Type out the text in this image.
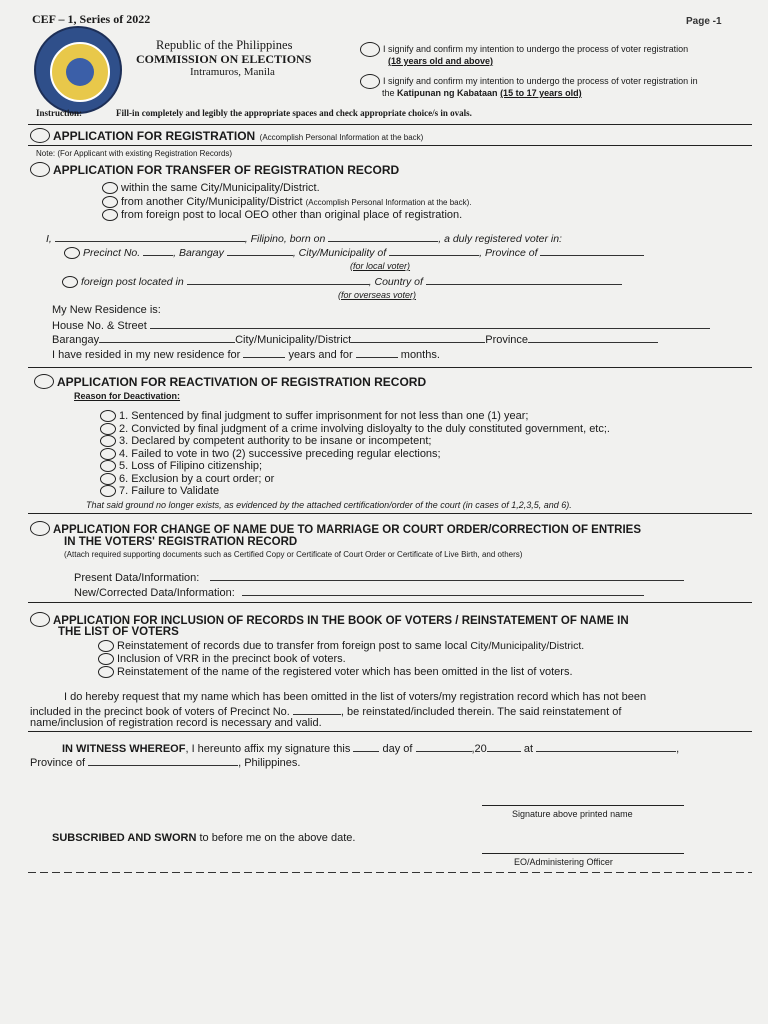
CEF – 1, Series of 2022	Page -1
Republic of the Philippines
COMMISSION ON ELECTIONS
Intramuros, Manila
I signify and confirm my intention to undergo the process of voter registration
(18 years old and above)
I signify and confirm my intention to undergo the process of voter registration in
the Katipunan ng Kabataan (15 to 17 years old)
Instruction:	Fill-in completely and legibly the appropriate spaces and check appropriate choice/s in ovals.
APPLICATION FOR REGISTRATION (Accomplish Personal Information at the back)
Note: (For Applicant with existing Registration Records)
APPLICATION FOR TRANSFER OF REGISTRATION RECORD
within the same City/Municipality/District.
from another City/Municipality/District (Accomplish Personal Information at the back).
from foreign post to local OEO other than original place of registration.
I,	, Filipino, born on	, a duly registered voter in:
Precinct No.	, Barangay	, City/Municipality of	, Province of
(for local voter)
foreign post located in	, Country of
(for overseas voter)
My New Residence is:
House No. & Street
Barangay	City/Municipality/District	Province
I have resided in my new residence for	years and for	months.
APPLICATION FOR REACTIVATION OF REGISTRATION RECORD
Reason for Deactivation:
1. Sentenced by final judgment to suffer imprisonment for not less than one (1) year;
2. Convicted by final judgment of a crime involving disloyalty to the duly constituted government, etc;.
3. Declared by competent authority to be insane or incompetent;
4. Failed to vote in two (2) successive preceding regular elections;
5. Loss of Filipino citizenship;
6. Exclusion by a court order; or
7. Failure to Validate
That said ground no longer exists, as evidenced by the attached certification/order of the court (in cases of 1,2,3,5, and 6).
APPLICATION FOR CHANGE OF NAME DUE TO MARRIAGE OR COURT ORDER/CORRECTION OF ENTRIES
IN THE VOTERS' REGISTRATION RECORD
(Attach required supporting documents such as Certified Copy or Certificate of Court Order or Certificate of Live Birth, and others)
Present Data/Information:
New/Corrected Data/Information:
APPLICATION FOR INCLUSION OF RECORDS IN THE BOOK OF VOTERS / REINSTATEMENT OF NAME IN
THE LIST OF VOTERS
Reinstatement of records due to transfer from foreign post to same local City/Municipality/District.
Inclusion of VRR in the precinct book of voters.
Reinstatement of the name of the registered voter which has been omitted in the list of voters.
I do hereby request that my name which has been omitted in the list of voters/my registration record which has not been
included in the precinct book of voters of Precinct No.	, be reinstated/included therein. The said reinstatement of
name/inclusion of registration record is necessary and valid.
IN WITNESS WHEREOF, I hereunto affix my signature this	day of	,20	at	,
Province of	, Philippines.
Signature above printed name
SUBSCRIBED AND SWORN to before me on the above date.
EO/Administering Officer
